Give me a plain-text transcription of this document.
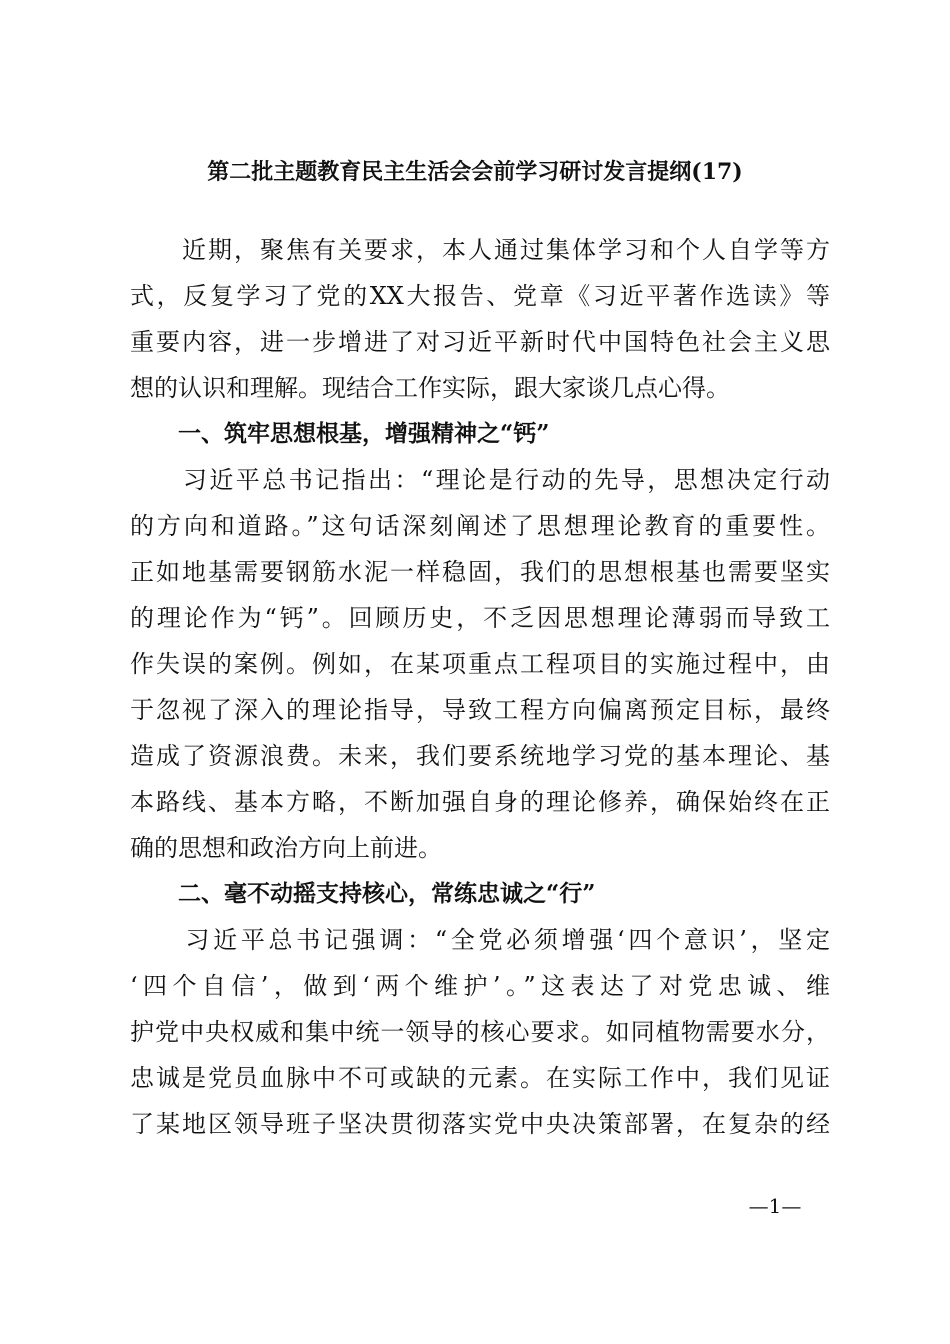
第二批主题教育民主生活会会前学习研讨发言提纲(17)
　　近期，聚焦有关要求，本人通过集体学习和个人自学等方
式，反复学习了党的XX大报告、党章《习近平著作选读》等
重要内容，进一步增进了对习近平新时代中国特色社会主义思
想的认识和理解。现结合工作实际，跟大家谈几点心得。
一、筑牢思想根基，增强精神之“钙”
　　习近平总书记指出：“理论是行动的先导，思想决定行动
的方向和道路。”这句话深刻阐述了思想理论教育的重要性。
正如地基需要钢筋水泥一样稳固，我们的思想根基也需要坚实
的理论作为“钙”。回顾历史，不乏因思想理论薄弱而导致工
作失误的案例。例如，在某项重点工程项目的实施过程中，由
于忽视了深入的理论指导，导致工程方向偏离预定目标，最终
造成了资源浪费。未来，我们要系统地学习党的基本理论、基
本路线、基本方略，不断加强自身的理论修养，确保始终在正
确的思想和政治方向上前进。
二、毫不动摇支持核心，常练忠诚之“行”
　　习近平总书记强调：“全党必须增强‘四个意识’，坚定
‘四个自信’，做到‘两个维护’。”这表达了对党忠诚、维
护党中央权威和集中统一领导的核心要求。如同植物需要水分，
忠诚是党员血脉中不可或缺的元素。在实际工作中，我们见证
了某地区领导班子坚决贯彻落实党中央决策部署，在复杂的经
—1—
